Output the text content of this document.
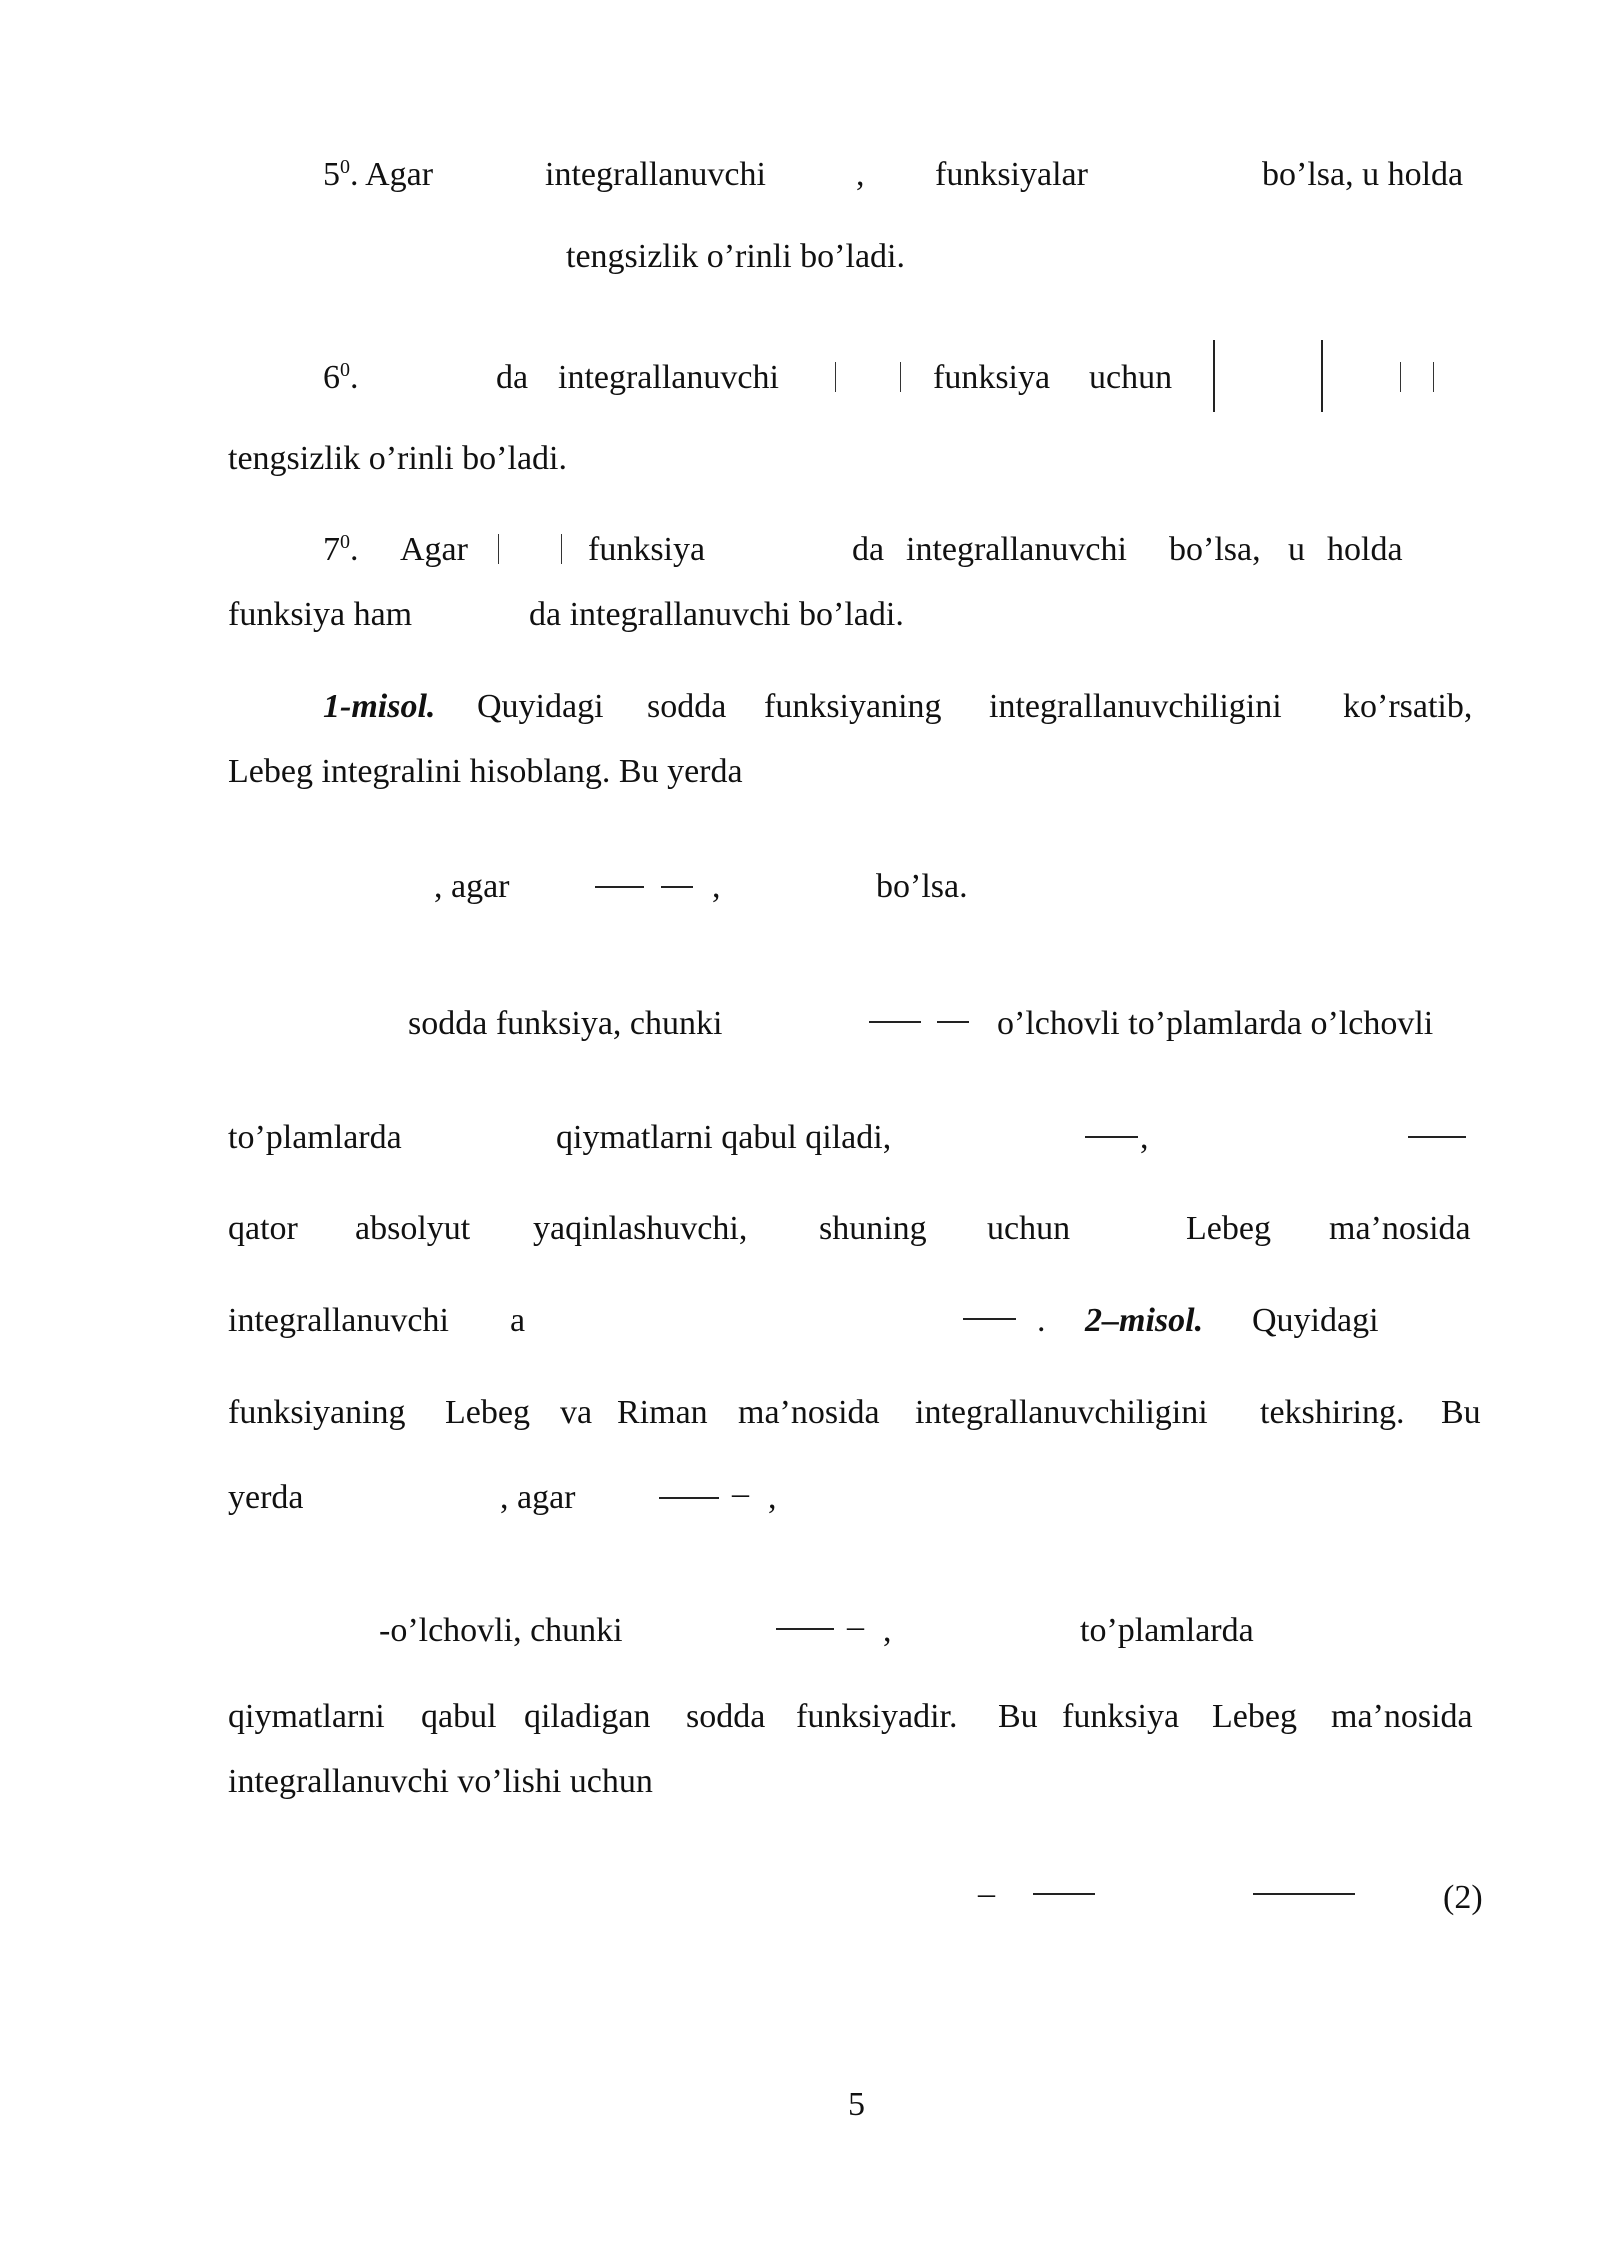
$5^0$. Agar	integrallanuvchi	, funksiyalar	bo’lsa, u holda
tengsizlik o’rinli bo’ladi.
$6^0$.	da integrallanuvchi	funksiya uchun
tengsizlik o’rinli bo’ladi.
$7^0$. Agar	funksiya	da integrallanuvchi bo’lsa, u holda
funksiya ham	da integrallanuvchi bo’ladi.
1-misol. Quyidagi sodda funksiyaning integrallanuvchiligini ko’rsatib,
Lebeg integralini hisoblang. Bu yerda
, agar	,	bo’lsa.
sodda funksiya, chunki	o’lchovli to’plamlarda o’lchovli
to’plamlarda	qiymatlarni qabul qiladi,	,
qator absolyut yaqinlashuvchi, shuning uchun	Lebeg ma’nosida
integrallanuvchi a	. 2–misol. Quyidagi
funksiyaning Lebeg va Riman ma’nosida integrallanuvchiligini tekshiring. Bu
yerda	, agar	– ,
-o’lchovli, chunki	– ,	to’plamlarda
qiymatlarni qabul qiladigan sodda funksiyadir. Bu funksiya Lebeg ma’nosida
integrallanuvchi vo’lishi uchun
–	(2)
5
